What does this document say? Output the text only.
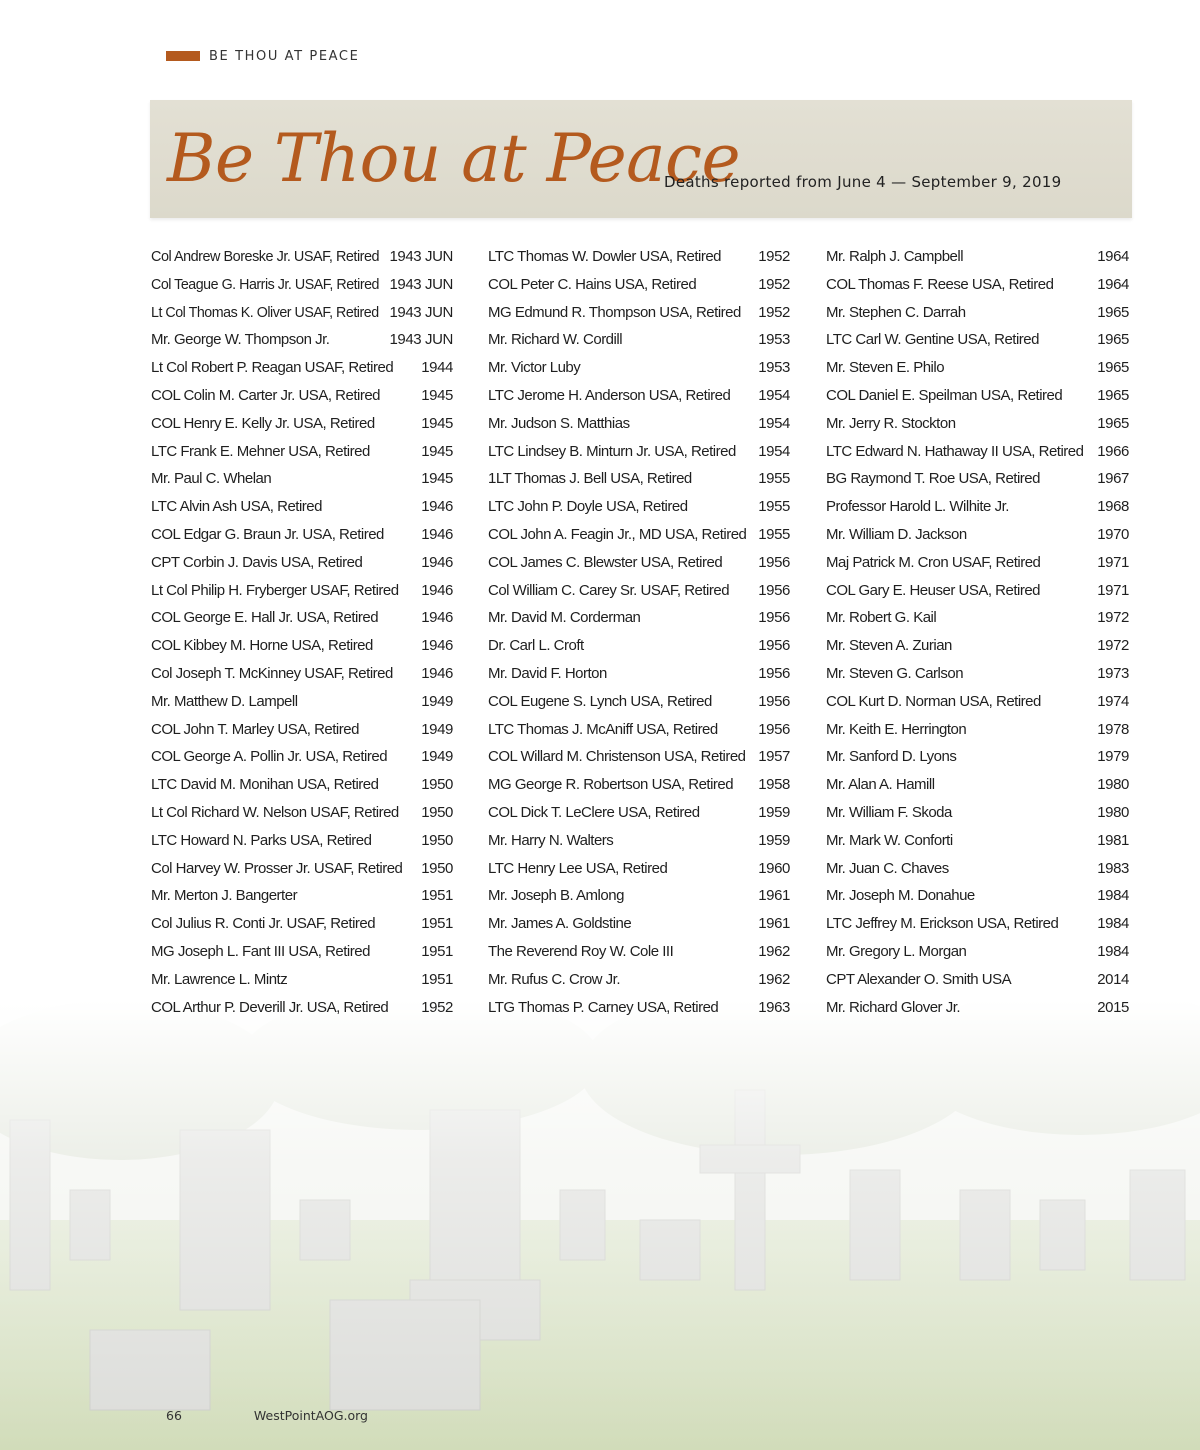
BE THOU AT PEACE
Be Thou at Peace
Deaths reported from June 4 — September 9, 2019
Col Andrew Boreske Jr. USAF, Retired 1943 JUN
Col Teague G. Harris Jr. USAF, Retired 1943 JUN
Lt Col Thomas K. Oliver USAF, Retired 1943 JUN
Mr. George W. Thompson Jr.	1943 JUN
Lt Col Robert P. Reagan USAF, Retired 1944
COL Colin M. Carter Jr. USA, Retired	1945
COL Henry E. Kelly Jr. USA, Retired	1945
LTC Frank E. Mehner USA, Retired	1945
Mr. Paul C. Whelan	1945
LTC Alvin Ash USA, Retired	1946
COL Edgar G. Braun Jr. USA, Retired 1946
CPT Corbin J. Davis USA, Retired	1946
Lt Col Philip H. Fryberger USAF, Retired 1946
COL George E. Hall Jr. USA, Retired	1946
COL Kibbey M. Horne USA, Retired	1946
Col Joseph T. McKinney USAF, Retired 1946
Mr. Matthew D. Lampell	1949
COL John T. Marley USA, Retired	1949
COL George A. Pollin Jr. USA, Retired 1949
LTC David M. Monihan USA, Retired	1950
Lt Col Richard W. Nelson USAF, Retired 1950
LTC Howard N. Parks USA, Retired	1950
Col Harvey W. Prosser Jr. USAF, Retired 1950
Mr. Merton J. Bangerter	1951
Col Julius R. Conti Jr. USAF, Retired	1951
MG Joseph L. Fant III USA, Retired	1951
Mr. Lawrence L. Mintz	1951
COL Arthur P. Deverill Jr. USA, Retired 1952
LTC Thomas W. Dowler USA, Retired 1952
COL Peter C. Hains USA, Retired	1952
MG Edmund R. Thompson USA, Retired 1952
Mr. Richard W. Cordill	1953
Mr. Victor Luby	1953
LTC Jerome H. Anderson USA, Retired 1954
Mr. Judson S. Matthias	1954
LTC Lindsey B. Minturn Jr. USA, Retired 1954
1LT Thomas J. Bell USA, Retired	1955
LTC John P. Doyle USA, Retired	1955
COL John A. Feagin Jr., MD USA, Retired 1955
COL James C. Blewster USA, Retired 1956
Col William C. Carey Sr. USAF, Retired 1956
Mr. David M. Corderman	1956
Dr. Carl L. Croft	1956
Mr. David F. Horton	1956
COL Eugene S. Lynch USA, Retired	1956
LTC Thomas J. McAniff USA, Retired	1956
COL Willard M. Christenson USA, Retired 1957
MG George R. Robertson USA, Retired 1958
COL Dick T. LeClere USA, Retired	1959
Mr. Harry N. Walters	1959
LTC Henry Lee USA, Retired	1960
Mr. Joseph B. Amlong	1961
Mr. James A. Goldstine	1961
The Reverend Roy W. Cole III	1962
Mr. Rufus C. Crow Jr.	1962
LTG Thomas P. Carney USA, Retired	1963
Mr. Ralph J. Campbell	1964
COL Thomas F. Reese USA, Retired	1964
Mr. Stephen C. Darrah	1965
LTC Carl W. Gentine USA, Retired	1965
Mr. Steven E. Philo	1965
COL Daniel E. Speilman USA, Retired 1965
Mr. Jerry R. Stockton	1965
LTC Edward N. Hathaway II USA, Retired 1966
BG Raymond T. Roe USA, Retired	1967
Professor Harold L. Wilhite Jr.	1968
Mr. William D. Jackson	1970
Maj Patrick M. Cron USAF, Retired	1971
COL Gary E. Heuser USA, Retired	1971
Mr. Robert G. Kail	1972
Mr. Steven A. Zurian	1972
Mr. Steven G. Carlson	1973
COL Kurt D. Norman USA, Retired	1974
Mr. Keith E. Herrington	1978
Mr. Sanford D. Lyons	1979
Mr. Alan A. Hamill	1980
Mr. William F. Skoda	1980
Mr. Mark W. Conforti	1981
Mr. Juan C. Chaves	1983
Mr. Joseph M. Donahue	1984
LTC Jeffrey M. Erickson USA, Retired	1984
Mr. Gregory L. Morgan	1984
CPT Alexander O. Smith USA	2014
Mr. Richard Glover Jr.	2015
66	WestPointAOG.org
